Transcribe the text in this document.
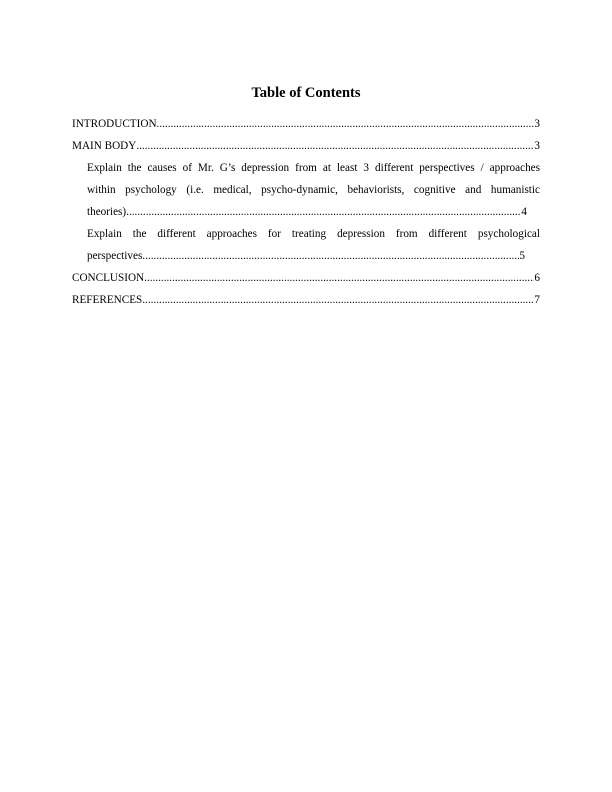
Table of Contents
INTRODUCTION .....	3
MAIN BODY .....	3
Explain the causes of Mr. G’s depression from at least 3 different perspectives / approaches
within psychology (i.e. medical, psycho-dynamic, behaviorists, cognitive and humanistic
theories) .....	4
Explain the different approaches for treating depression from different psychological
perspectives .....	5
CONCLUSION .....	6
REFERENCES .....	7
